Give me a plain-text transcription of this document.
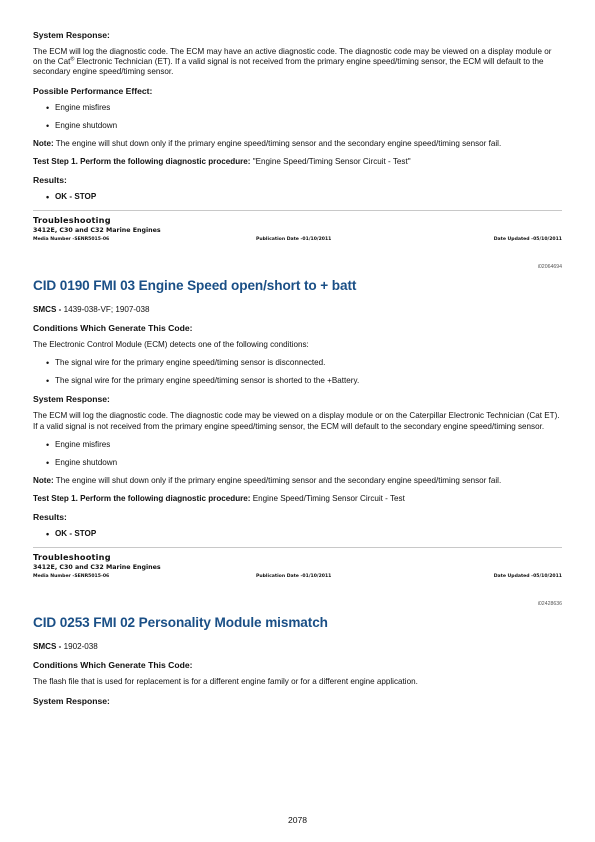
System Response:

The ECM will log the diagnostic code. The ECM may have an active diagnostic code. The diagnostic code may be viewed on a display module or on the Cat® Electronic Technician (ET). If a valid signal is not received from the primary engine speed/timing sensor, the ECM will default to the secondary engine speed/timing sensor.

Possible Performance Effect:
• Engine misfires
• Engine shutdown

Note: The engine will shut down only if the primary engine speed/timing sensor and the secondary engine speed/timing sensor fail.

Test Step 1. Perform the following diagnostic procedure: "Engine Speed/Timing Sensor Circuit - Test"

Results:
• OK - STOP
Troubleshooting
3412E, C30 and C32 Marine Engines
Media Number -SENR5015-06	Publication Date -01/10/2011	Date Updated -05/10/2011
i02064694
CID 0190 FMI 03 Engine Speed open/short to + batt

SMCS - 1439-038-VF; 1907-038

Conditions Which Generate This Code:

The Electronic Control Module (ECM) detects one of the following conditions:

• The signal wire for the primary engine speed/timing sensor is disconnected.
• The signal wire for the primary engine speed/timing sensor is shorted to the +Battery.
System Response:

The ECM will log the diagnostic code. The diagnostic code may be viewed on a display module or on the Caterpillar Electronic Technician (Cat ET). If a valid signal is not received from the primary engine speed/timing sensor, the ECM will default to the secondary engine speed/timing sensor.

• Engine misfires
• Engine shutdown

Note: The engine will shut down only if the primary engine speed/timing sensor and the secondary engine speed/timing sensor fail.

Test Step 1. Perform the following diagnostic procedure: Engine Speed/Timing Sensor Circuit - Test

Results:
• OK - STOP
Troubleshooting
3412E, C30 and C32 Marine Engines
Media Number -SENR5015-06	Publication Date -01/10/2011	Date Updated -05/10/2011
i02428636
CID 0253 FMI 02 Personality Module mismatch

SMCS - 1902-038

Conditions Which Generate This Code:

The flash file that is used for replacement is for a different engine family or for a different engine application.

System Response:
2078
